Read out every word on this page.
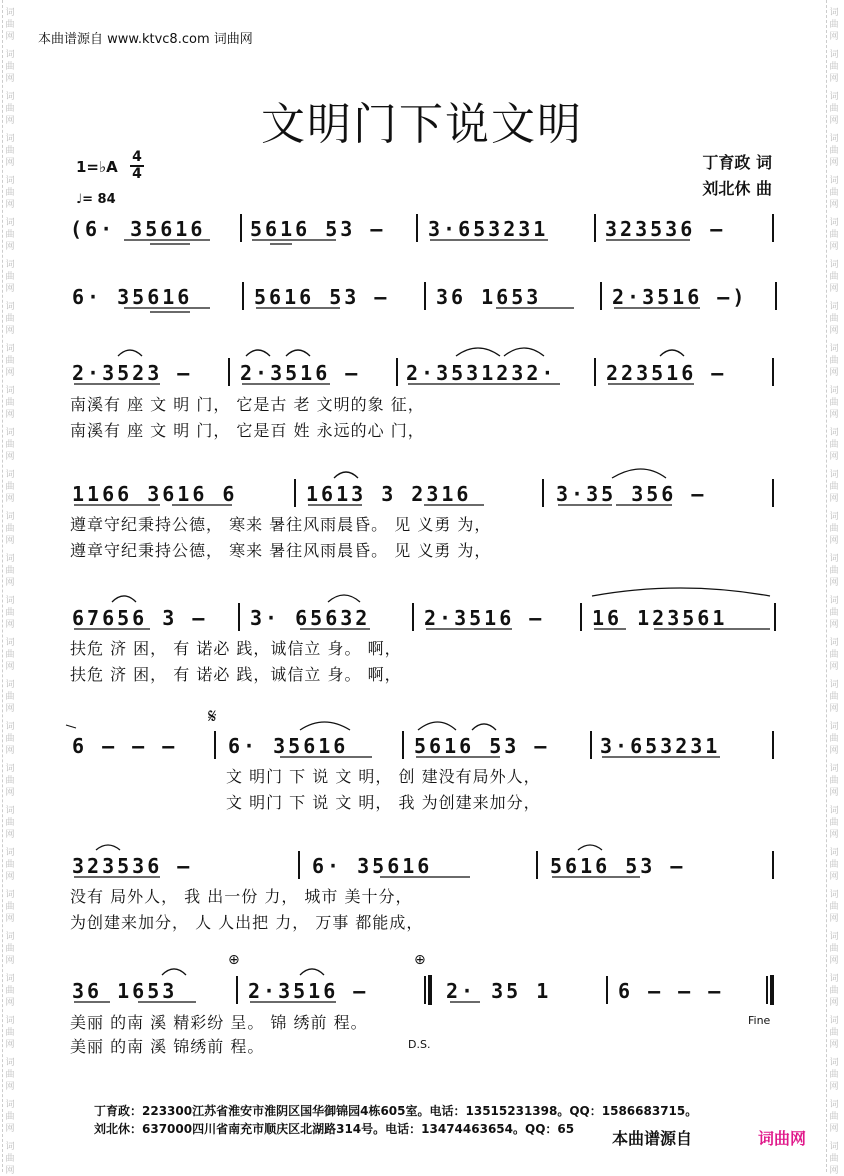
词
曲
网
词
曲
网
词
曲
网
词
曲
网
词
曲
网
词
曲
网
词
曲
网
词
曲
网
词
曲
网
词
曲
网
词
曲
网
词
曲
网
词
曲
网
词
曲
网
词
曲
网
词
曲
网
词
曲
网
词
曲
网
词
曲
网
词
曲
网
词
曲
网
词
曲
网
词
曲
网
词
曲
网
词
曲
网
词
曲
网
词
曲
网
词
曲
网
词
曲
网
词
曲
网
词
曲
网
词
曲
网
词
曲
网
词
曲
网
词
曲
网
词
曲
网
词
曲
网
词
曲
网
词
曲
网
词
曲
网
词
曲
网
词
曲
网
词
曲
网
词
曲
网
词
曲
网
词
曲
网
词
曲
网
词
曲
网
词
曲
网
词
曲
网
词
曲
网
词
曲
网
词
曲
网
词
曲
网
词
曲
网
词
曲
网
本曲谱源自 www.ktvc8.com 词曲网
文明门下说文明
1=♭A
4
4
♩= 84
丁育政 词
刘北休 曲
(6· 35616 5616 53 – 3·653231	323536 –
6· 35616	5616 53 – 36 1653	2·3516 –)
2·3523 – 2·3516 – 2·3531232· 223516 –
南溪有 座 文 明 门， 它是古 老 文明的象 征，
南溪有 座 文 明 门， 它是百 姓 永远的心 门，
1166 3616 6	1613 3 2316	3·35 356 –
遵章守纪秉持公德， 寒来 暑往风雨晨昏。 见 义勇 为，
遵章守纪秉持公德， 寒来 暑往风雨晨昏。 见 义勇 为，
67656 3 – 3· 65632	2·3516 – 16 123561
扶危 济 困， 有 诺必 践，诚信立 身。 啊，
扶危 济 困， 有 诺必 践，诚信立 身。 啊，
𝄋
6 – – –	6· 35616	5616 53 –	3·653231
文 明门 下 说 文 明， 创 建没有局外人，
文 明门 下 说 文 明， 我 为创建来加分，
323536 –	6· 35616	5616 53 –
没有 局外人， 我 出一份 力， 城市 美十分，
为创建来加分， 人 人出把 力， 万事 都能成，
⊕	⊕
36 1653	2·3516 –	2· 35 1	6 – – –
美丽 的南 溪 精彩纷 呈。 锦 绣前 程。
美丽 的南 溪 锦绣前 程。
Fine
D.S.
丁育政：223300江苏省淮安市淮阴区国华御锦园4栋605室。电话：13515231398。QQ：1586683715。
刘北休：637000四川省南充市顺庆区北湖路314号。电话：13474463654。QQ：65 本曲谱源自	词曲网
